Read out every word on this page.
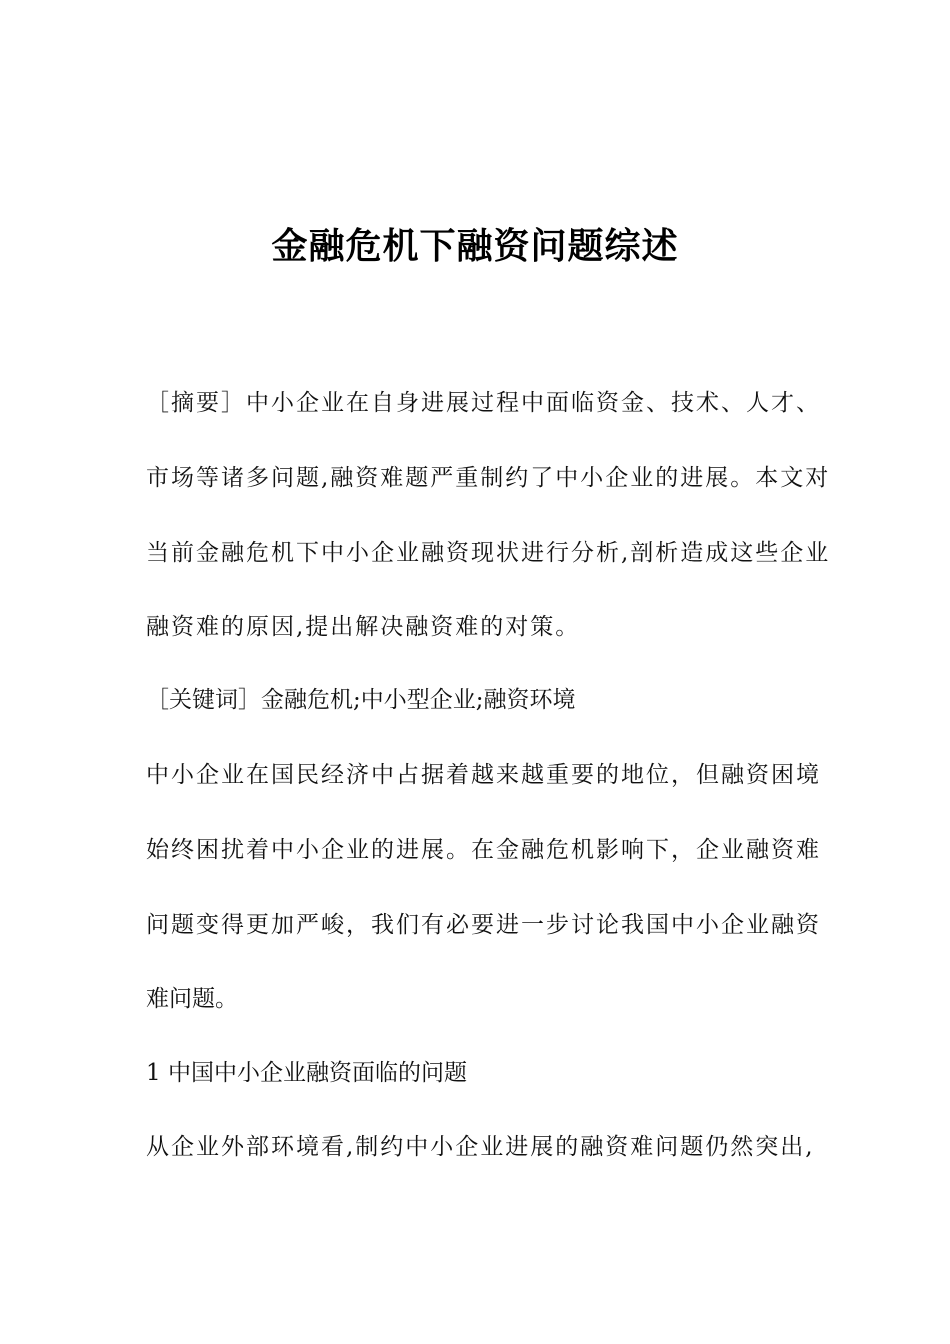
金融危机下融资问题综述
［摘要］中小企业在自身进展过程中面临资金、技术、人才、
市场等诸多问题,融资难题严重制约了中小企业的进展。本文对
当前金融危机下中小企业融资现状进行分析,剖析造成这些企业
融资难的原因,提出解决融资难的对策。
［关键词］金融危机;中小型企业;融资环境
中小企业在国民经济中占据着越来越重要的地位，但融资困境
始终困扰着中小企业的进展。在金融危机影响下，企业融资难
问题变得更加严峻，我们有必要进一步讨论我国中小企业融资
难问题。
1 中国中小企业融资面临的问题
从企业外部环境看,制约中小企业进展的融资难问题仍然突出,
